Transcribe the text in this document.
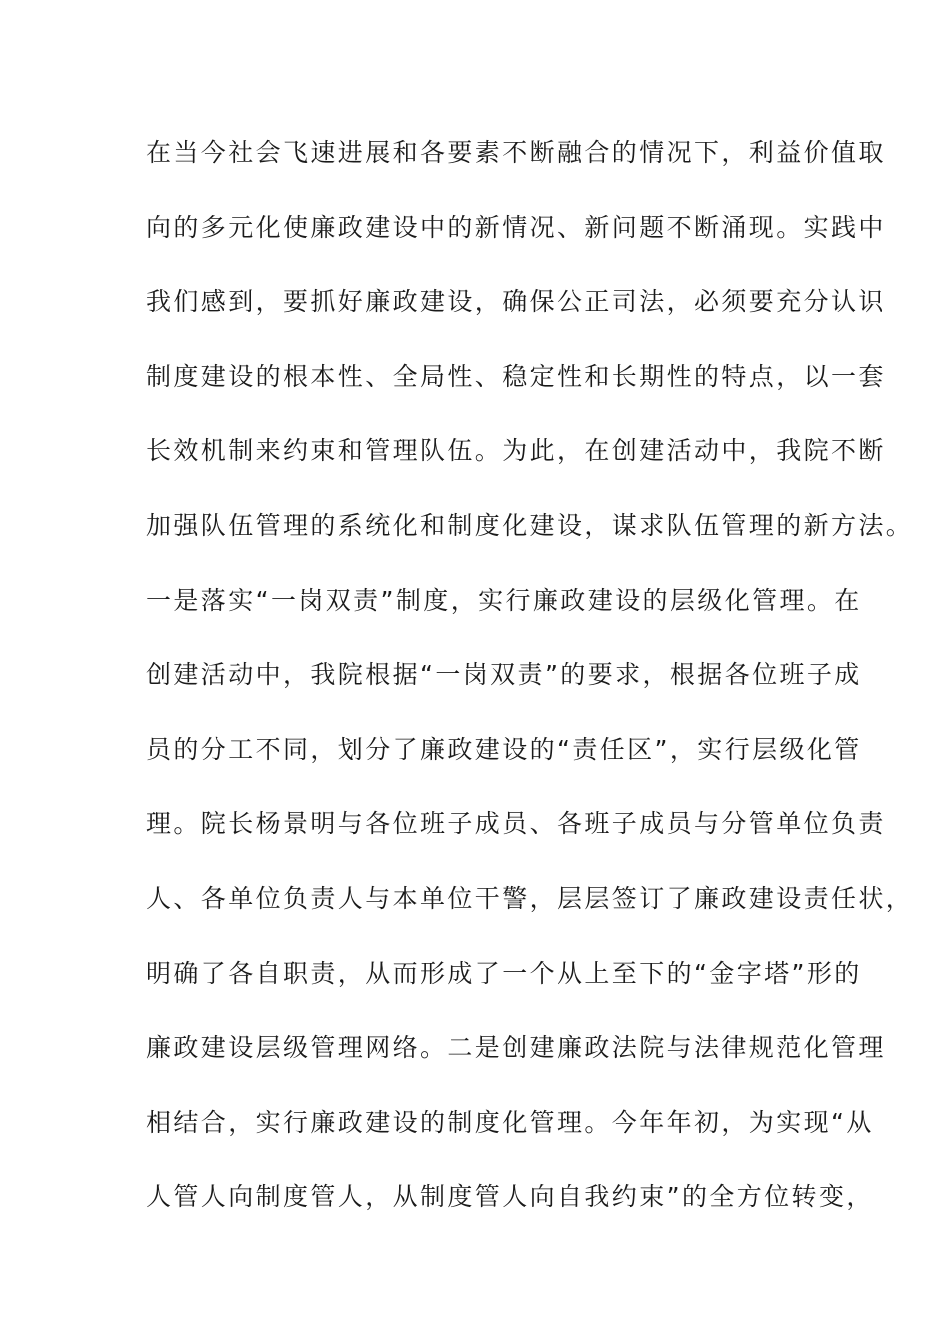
在当今社会飞速进展和各要素不断融合的情况下，利益价值取
向的多元化使廉政建设中的新情况、新问题不断涌现。实践中
我们感到，要抓好廉政建设，确保公正司法，必须要充分认识
制度建设的根本性、全局性、稳定性和长期性的特点，以一套
长效机制来约束和管理队伍。为此，在创建活动中，我院不断
加强队伍管理的系统化和制度化建设，谋求队伍管理的新方法。
一是落实“一岗双责”制度，实行廉政建设的层级化管理。在
创建活动中，我院根据“一岗双责”的要求，根据各位班子成
员的分工不同，划分了廉政建设的“责任区”，实行层级化管
理。院长杨景明与各位班子成员、各班子成员与分管单位负责
人、各单位负责人与本单位干警，层层签订了廉政建设责任状，
明确了各自职责，从而形成了一个从上至下的“金字塔”形的
廉政建设层级管理网络。二是创建廉政法院与法律规范化管理
相结合，实行廉政建设的制度化管理。今年年初，为实现“从
人管人向制度管人，从制度管人向自我约束”的全方位转变，
